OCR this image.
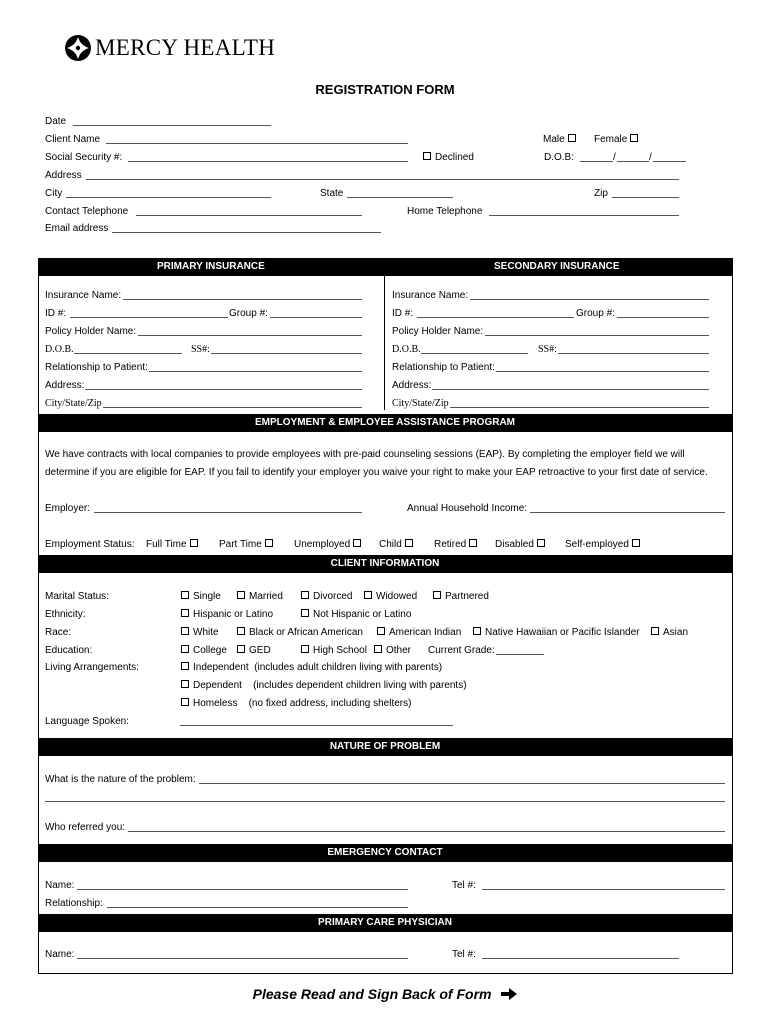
MERCY HEALTH
REGISTRATION FORM
Date
Client Name	Male	Female
Social Security #:	Declined	D.O.B:	/	/
Address
City	State	Zip
Contact Telephone	Home Telephone
Email address
PRIMARY INSURANCE	SECONDARY INSURANCE
Insurance Name:
ID #:	Group #:
Policy Holder Name:
D.O.B.	SS#:
Relationship to Patient:
Address:
City/State/Zip
Insurance Name:
ID #:	Group #:
Policy Holder Name:
D.O.B.	SS#:
Relationship to Patient:
Address:
City/State/Zip
EMPLOYMENT & EMPLOYEE ASSISTANCE PROGRAM
We have contracts with local companies to provide employees with pre-paid counseling sessions (EAP). By completing the employer field we will
determine if you are eligible for EAP. If you fail to identify your employer you waive your right to make your EAP retroactive to your first date of service.
Employer:	Annual Household Income:
Employment Status: Full Time	Part Time	Unemployed	Child	Retired	Disabled	Self-employed
CLIENT INFORMATION
Marital Status:	Single	Married	Divorced	Widowed	Partnered
Ethnicity:	Hispanic or Latino	Not Hispanic or Latino
Race:	White	Black or African American	American Indian	Native Hawaiian or Pacific Islander	Asian
Education:	College	GED	High School	Other Current Grade:
Living Arrangements:	Independent (includes adult children living with parents)
Dependent (includes dependent children living with parents)
Homeless (no fixed address, including shelters)
Language Spoken:
NATURE OF PROBLEM
What is the nature of the problem:
Who referred you:
EMERGENCY CONTACT
Name:	Tel #:
Relationship:
PRIMARY CARE PHYSICIAN
Name:	Tel #:
Please Read and Sign Back of Form
